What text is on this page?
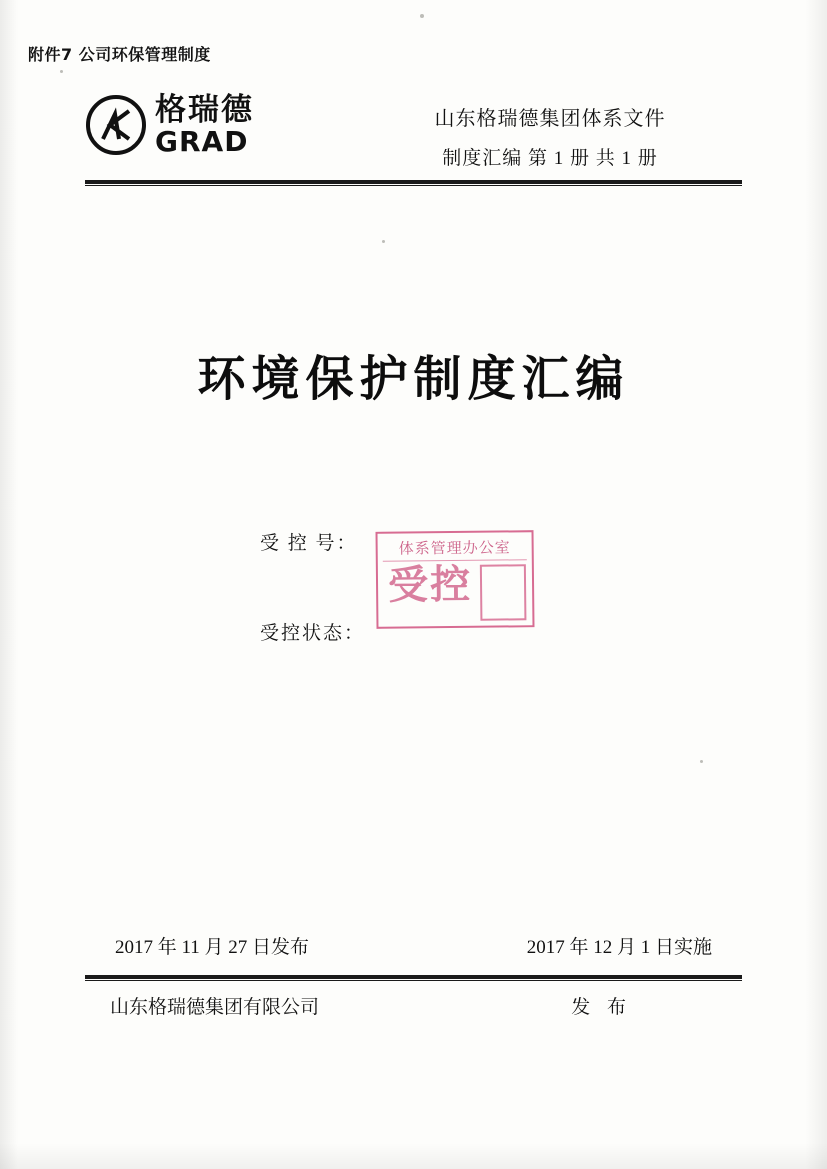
附件7 公司环保管理制度
格瑞德
GRAD
山东格瑞德集团体系文件
制度汇编 第 1 册 共 1 册
环境保护制度汇编
受 控 号：
受控状态：
体系管理办公室
受控
2017 年 11 月 27 日发布	2017 年 12 月 1 日实施
山东格瑞德集团有限公司	发 布
